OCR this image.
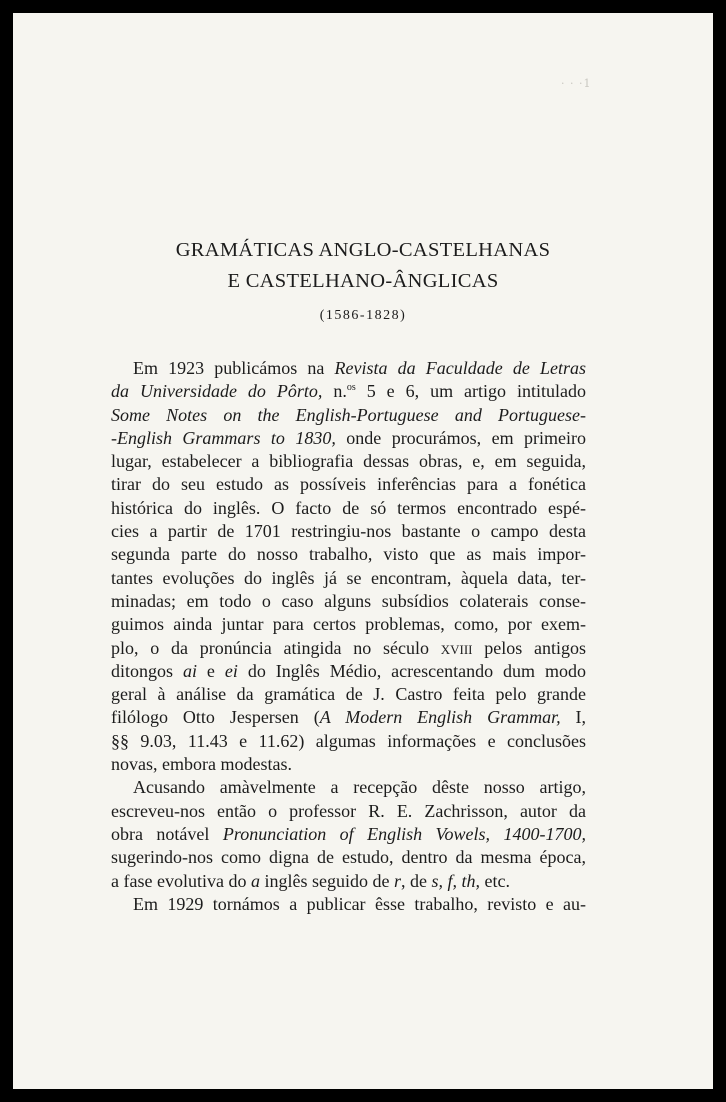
· · ·1
GRAMÁTICAS ANGLO-CASTELHANAS
E CASTELHANO-ÂNGLICAS
(1586-1828)
Em 1923 publicámos na Revista da Faculdade de Letras
da Universidade do Pôrto, n.$^{os}$ 5 e 6, um artigo intitulado
Some Notes on the English-Portuguese and Portuguese-
-English Grammars to 1830, onde procurámos, em primeiro
lugar, estabelecer a bibliografia dessas obras, e, em seguida,
tirar do seu estudo as possíveis inferências para a fonética
histórica do inglês. O facto de só termos encontrado espé-
cies a partir de 1701 restringiu-nos bastante o campo desta
segunda parte do nosso trabalho, visto que as mais impor-
tantes evoluções do inglês já se encontram, àquela data, ter-
minadas; em todo o caso alguns subsídios colaterais conse-
guimos ainda juntar para certos problemas, como, por exem-
plo, o da pronúncia atingida no século xviii pelos antigos
ditongos ai e ei do Inglês Médio, acrescentando dum modo
geral à análise da gramática de J. Castro feita pelo grande
filólogo Otto Jespersen (A Modern English Grammar, I,
§§ 9.03, 11.43 e 11.62) algumas informações e conclusões
novas, embora modestas.
Acusando amàvelmente a recepção dêste nosso artigo,
escreveu-nos então o professor R. E. Zachrisson, autor da
obra notável Pronunciation of English Vowels, 1400-1700,
sugerindo-nos como digna de estudo, dentro da mesma época,
a fase evolutiva do a inglês seguido de r, de s, f, th, etc.
Em 1929 tornámos a publicar êsse trabalho, revisto e au-
